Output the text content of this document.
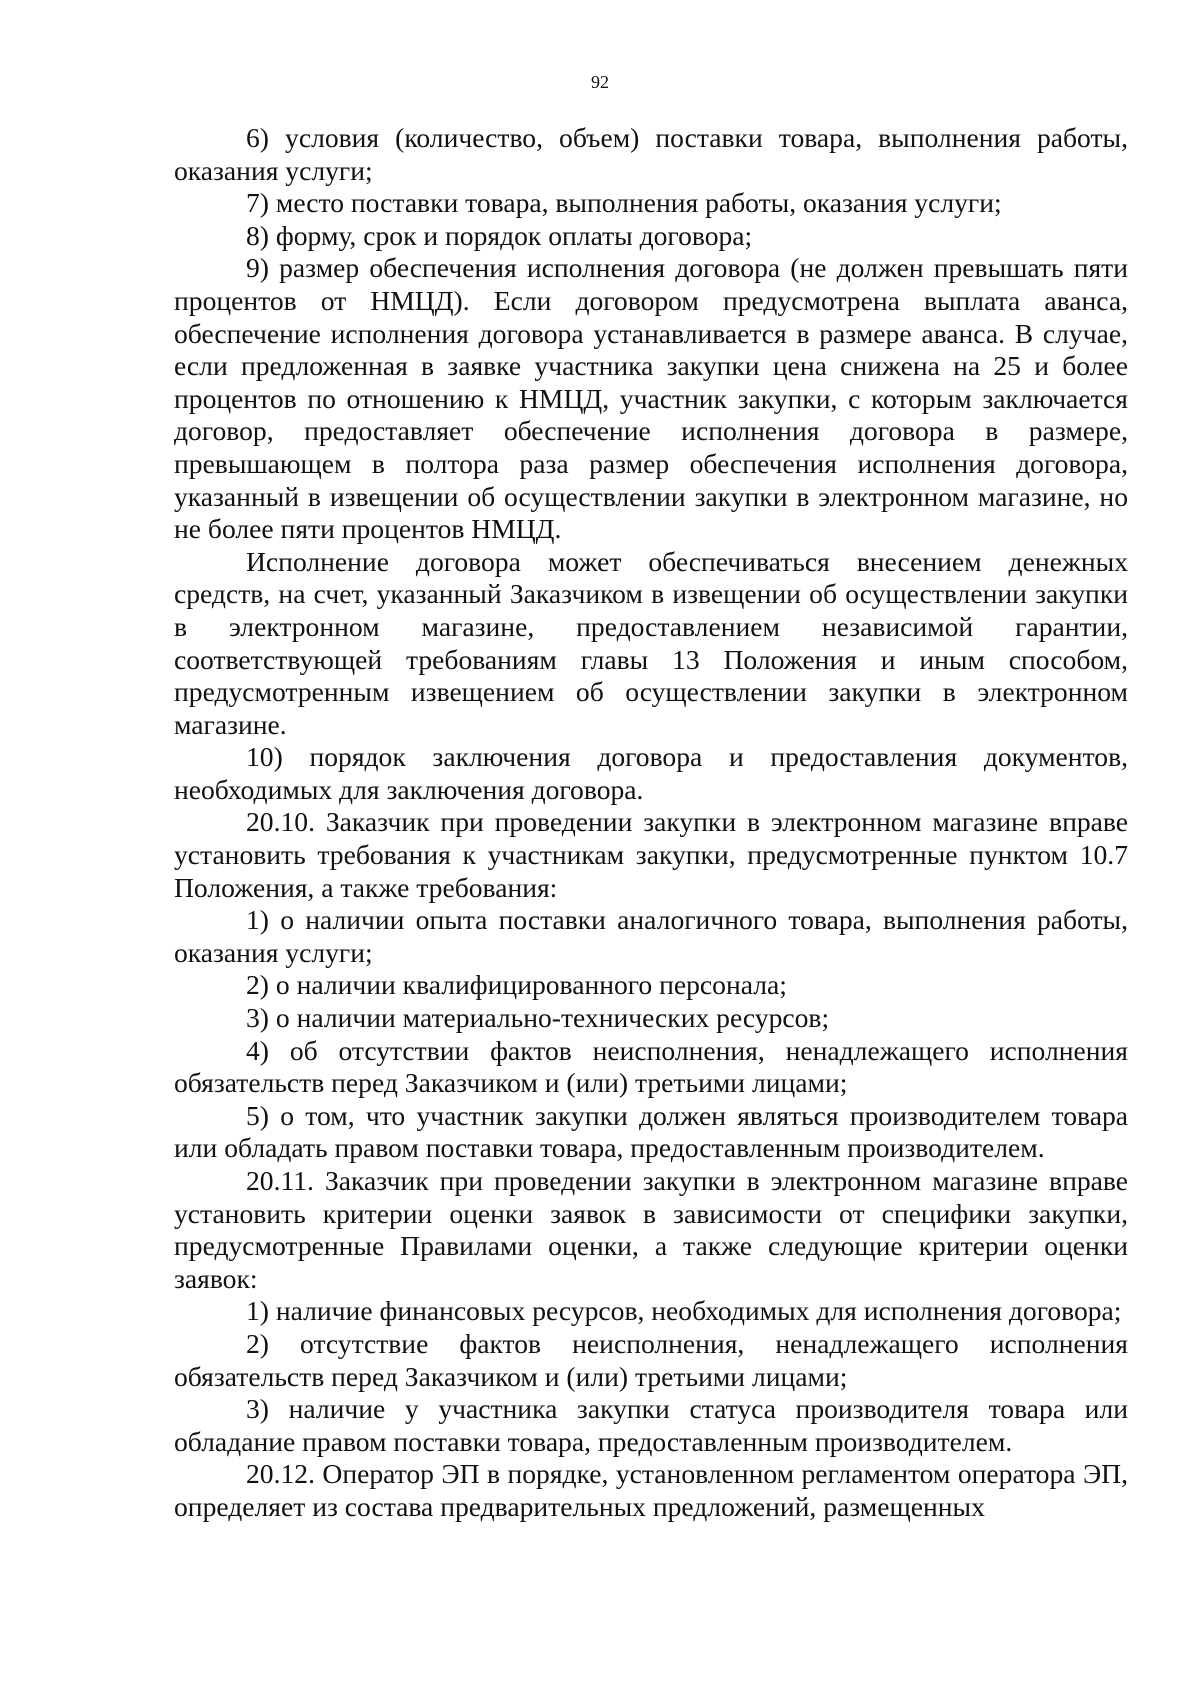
92

6) условия (количество, объем) поставки товара, выполнения работы, оказания услуги;

7) место поставки товара, выполнения работы, оказания услуги;

8) форму, срок и порядок оплаты договора;

9) размер обеспечения исполнения договора (не должен превышать пяти процентов от НМЦД). Если договором предусмотрена выплата аванса, обеспечение исполнения договора устанавливается в размере аванса. В случае, если предложенная в заявке участника закупки цена снижена на 25 и более процентов по отношению к НМЦД, участник закупки, с которым заключается договор, предоставляет обеспечение исполнения договора в размере, превышающем в полтора раза размер обеспечения исполнения договора, указанный в извещении об осуществлении закупки в электронном магазине, но не более пяти процентов НМЦД.

Исполнение договора может обеспечиваться внесением денежных средств, на счет, указанный Заказчиком в извещении об осуществлении закупки в электронном магазине, предоставлением независимой гарантии, соответствующей требованиям главы 13 Положения и иным способом, предусмотренным извещением об осуществлении закупки в электронном магазине.

10) порядок заключения договора и предоставления документов, необходимых для заключения договора.

20.10. Заказчик при проведении закупки в электронном магазине вправе установить требования к участникам закупки, предусмотренные пунктом 10.7 Положения, а также требования:

1) о наличии опыта поставки аналогичного товара, выполнения работы, оказания услуги;

2) о наличии квалифицированного персонала;

3) о наличии материально-технических ресурсов;

4) об отсутствии фактов неисполнения, ненадлежащего исполнения обязательств перед Заказчиком и (или) третьими лицами;

5) о том, что участник закупки должен являться производителем товара или обладать правом поставки товара, предоставленным производителем.

20.11. Заказчик при проведении закупки в электронном магазине вправе установить критерии оценки заявок в зависимости от специфики закупки, предусмотренные Правилами оценки, а также следующие критерии оценки заявок:

1) наличие финансовых ресурсов, необходимых для исполнения договора;

2) отсутствие фактов неисполнения, ненадлежащего исполнения обязательств перед Заказчиком и (или) третьими лицами;

3) наличие у участника закупки статуса производителя товара или обладание правом поставки товара, предоставленным производителем.

20.12. Оператор ЭП в порядке, установленном регламентом оператора ЭП, определяет из состава предварительных предложений, размещенных
